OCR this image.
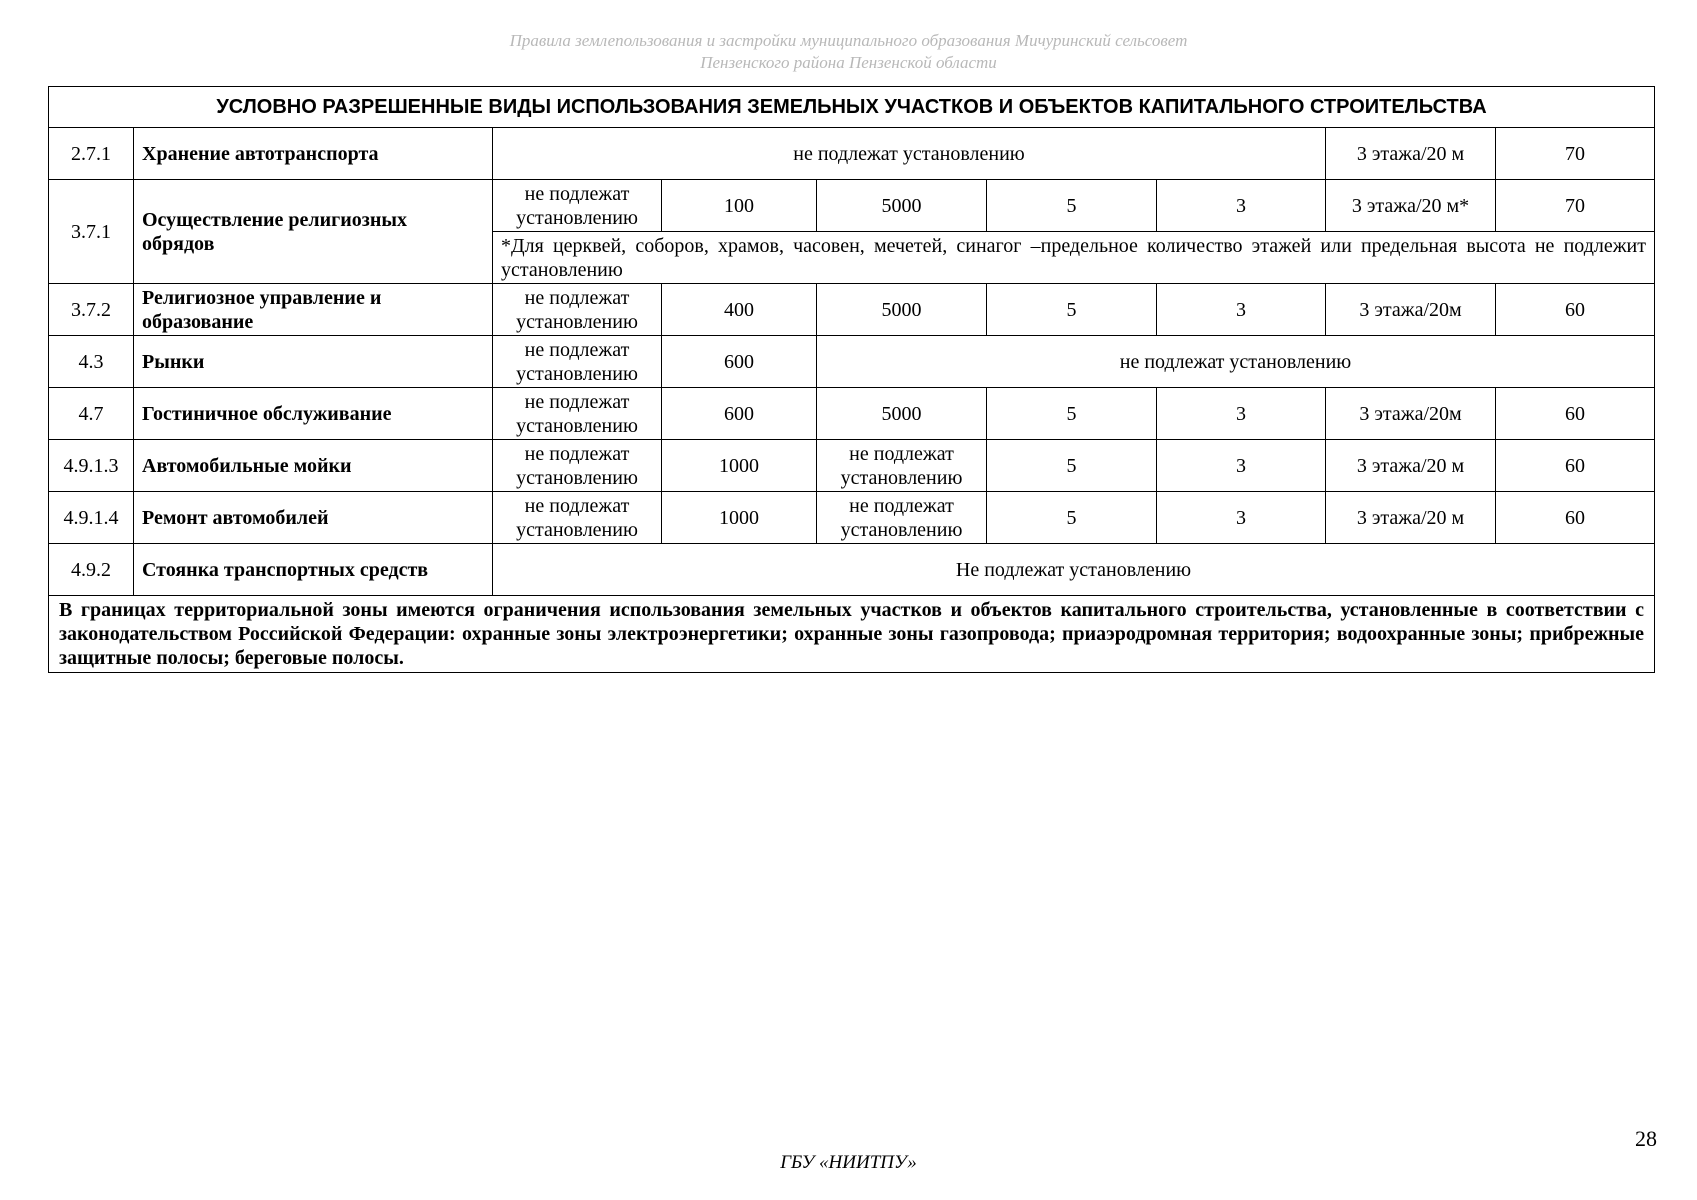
Правила землепользования и застройки муниципального образования Мичуринский сельсовет
Пензенского района Пензенской области
УСЛОВНО РАЗРЕШЕННЫЕ ВИДЫ ИСПОЛЬЗОВАНИЯ ЗЕМЕЛЬНЫХ УЧАСТКОВ И ОБЪЕКТОВ КАПИТАЛЬНОГО СТРОИТЕЛЬСТВА								
2.7.1	Хранение автотранспорта	не подлежат установлению					3 этажа/20 м	70
3.7.1	Осуществление религиозных обрядов	не подлежат установлению	100	5000	5	3	3 этажа/20 м*	70
		*Для церквей, соборов, храмов, часовен, мечетей, синагог –предельное количество этажей или предельная высота не подлежит установлению						
3.7.2	Религиозное управление и образование	не подлежат установлению	400	5000	5	3	3 этажа/20м	60
4.3	Рынки	не подлежат установлению	600	не подлежат установлению				
4.7	Гостиничное обслуживание	не подлежат установлению	600	5000	5	3	3 этажа/20м	60
4.9.1.3	Автомобильные мойки	не подлежат установлению	1000	не подлежат установлению	5	3	3 этажа/20 м	60
4.9.1.4	Ремонт автомобилей	не подлежат установлению	1000	не подлежат установлению	5	3	3 этажа/20 м	60
4.9.2	Стоянка транспортных средств	Не подлежат установлению						
В границах территориальной зоны имеются ограничения использования земельных участков и объектов капитального строительства, установленные в соответствии с законодательством Российской Федерации: охранные зоны электроэнергетики; охранные зоны газопровода; приаэродромная территория; водоохранные зоны; прибрежные защитные полосы; береговые полосы.								
28
ГБУ «НИИТПУ»
